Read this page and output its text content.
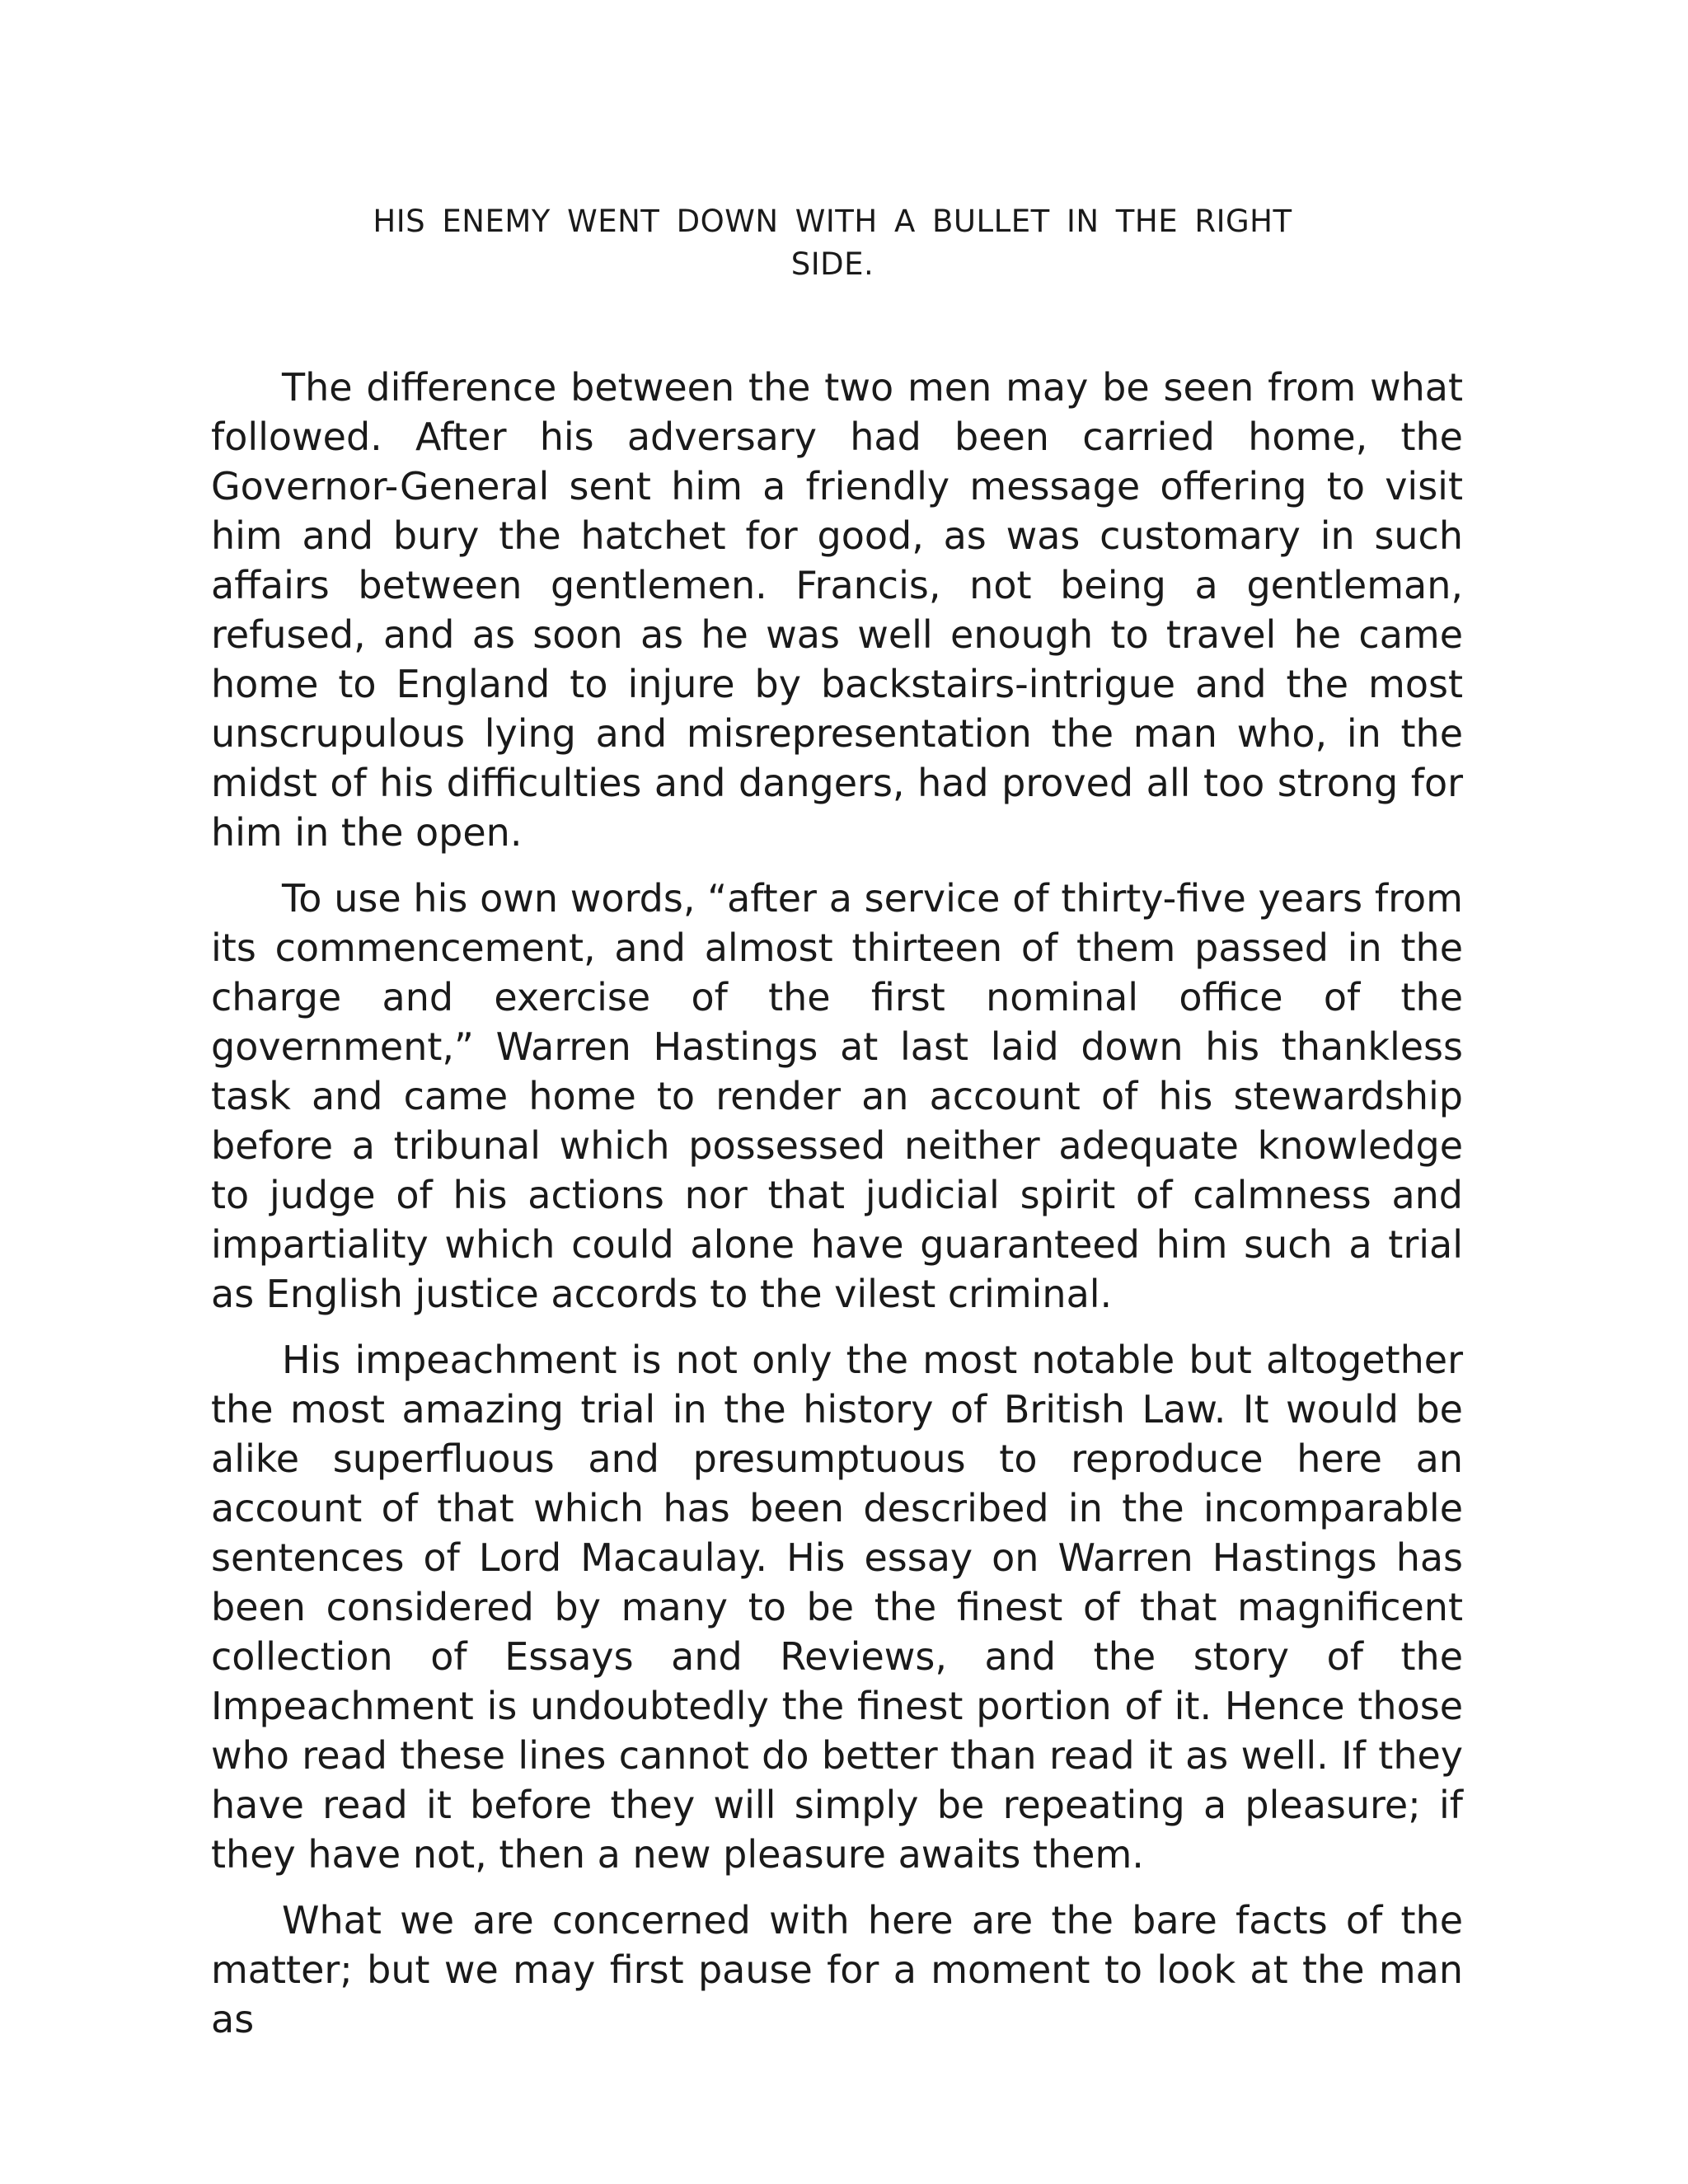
HIS ENEMY WENT DOWN WITH A BULLET IN THE RIGHT
SIDE.

The difference between the two men may be seen from what followed. After his adversary had been carried home, the Governor-General sent him a friendly message offering to visit him and bury the hatchet for good, as was customary in such affairs between gentlemen. Francis, not being a gentleman, refused, and as soon as he was well enough to travel he came home to England to injure by backstairs-intrigue and the most unscrupulous lying and misrepresentation the man who, in the midst of his difficulties and dangers, had proved all too strong for him in the open.

To use his own words, “after a service of thirty-five years from its commencement, and almost thirteen of them passed in the charge and exercise of the first nominal office of the government,” Warren Hastings at last laid down his thankless task and came home to render an account of his stewardship before a tribunal which possessed neither adequate knowledge to judge of his actions nor that judicial spirit of calmness and impartiality which could alone have guaranteed him such a trial as English justice accords to the vilest criminal.

His impeachment is not only the most notable but altogether the most amazing trial in the history of British Law. It would be alike superfluous and presumptuous to reproduce here an account of that which has been described in the incomparable sentences of Lord Macaulay. His essay on Warren Hastings has been considered by many to be the finest of that magnificent collection of Essays and Reviews, and the story of the Impeachment is undoubtedly the finest portion of it. Hence those who read these lines cannot do better than read it as well. If they have read it before they will simply be repeating a pleasure; if they have not, then a new pleasure awaits them.

What we are concerned with here are the bare facts of the matter; but we may first pause for a moment to look at the man as
